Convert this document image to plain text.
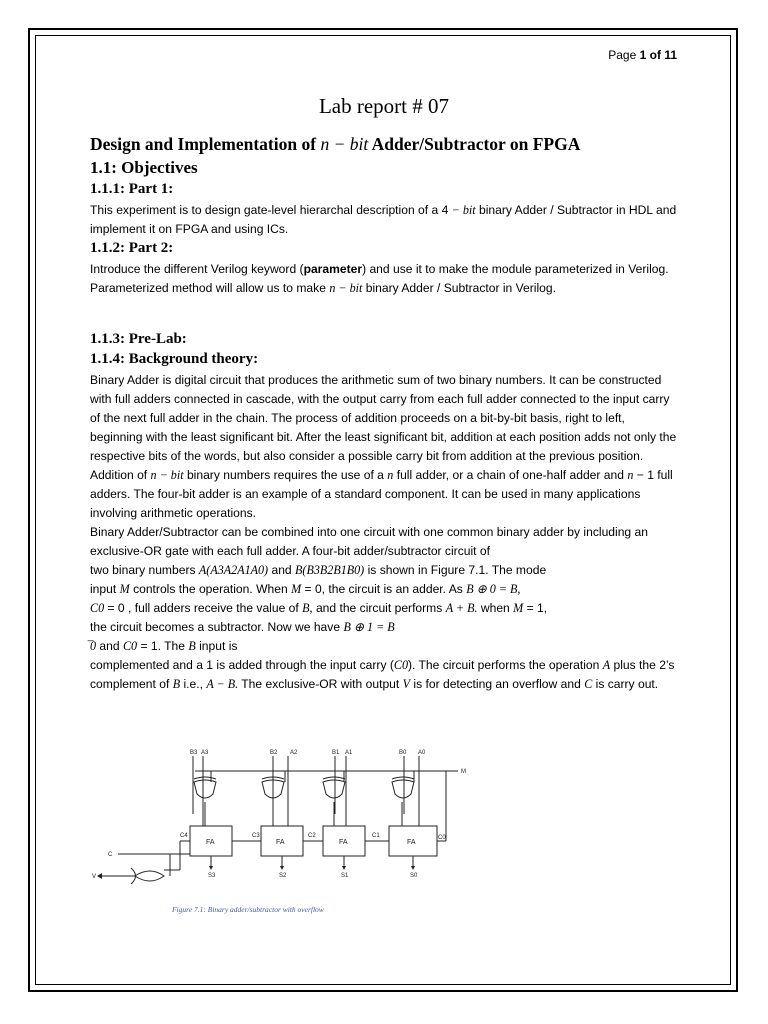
Page 1 of 11
Lab report # 07
Design and Implementation of n − bit Adder/Subtractor on FPGA
1.1: Objectives
1.1.1: Part 1:

This experiment is to design gate-level hierarchal description of a 4 − bit binary Adder / Subtractor in HDL and implement it on FPGA and using ICs.

1.1.2: Part 2:

Introduce the different Verilog keyword (parameter) and use it to make the module parameterized in Verilog. Parameterized method will allow us to make n − bit binary Adder / Subtractor in Verilog.

1.1.3: Pre-Lab:
1.1.4: Background theory:

Binary Adder is digital circuit that produces the arithmetic sum of two binary numbers. It can be constructed with full adders connected in cascade, with the output carry from each full adder connected to the input carry of the next full adder in the chain. The process of addition proceeds on a bit-by-bit basis, right to left, beginning with the least significant bit. After the least significant bit, addition at each position adds not only the respective bits of the words, but also consider a possible carry bit from addition at the previous position. Addition of n − bit binary numbers requires the use of a n full adder, or a chain of one-half adder and n − 1 full adders. The four-bit adder is an example of a standard component. It can be used in many applications involving arithmetic operations.

Binary Adder/Subtractor can be combined into one circuit with one common binary adder by including an exclusive-OR gate with each full adder. A four-bit adder/subtractor circuit of
two binary numbers A(A3A2A1A0) and B(B3B2B1B0) is shown in Figure 7.1. The mode
input M controls the operation. When M = 0, the circuit is an adder. As B ⊕ 0 = B,
C0 = 0 , full adders receive the value of B, and the circuit performs A + B. when M = 1,
the circuit becomes a subtractor. Now we have B ⊕ 1 = B
̅0 and C0 = 1. The B input is
complemented and a 1 is added through the input carry (C0). The circuit performs the operation A plus the 2’s complement of B i.e., A − B. The exclusive-OR with output V is for detecting an overflow and C is carry out.

B3	B2	B1	B0
A3	A2	A1	A0
FA	FA	FA	FA
C4	C3	C2	C1	C0
S3	S2	S1	S0
M
C
V
Figure 7.1: Binary adder/subtractor with overflow
